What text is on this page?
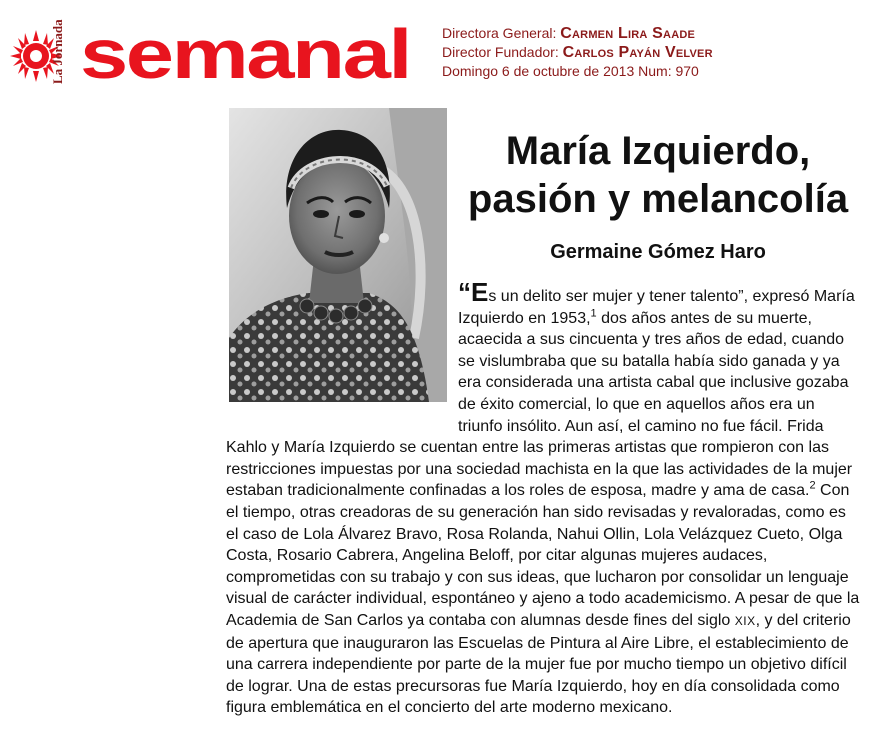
La Jornada semanal Directora General: Carmen Lira Saade
Director Fundador: Carlos Payán Velver
Domingo 6 de octubre de 2013 Num: 970
María Izquierdo,
pasión y melancolía
Germaine Gómez Haro

“Es un delito ser mujer y tener talento”, expresó María Izquierdo en 1953,$^1$ dos años antes de su muerte, acaecida a sus cincuenta y tres años de edad, cuando se vislumbraba que su batalla había sido ganada y ya era considerada una artista cabal que inclusive gozaba de éxito comercial, lo que en aquellos años era un triunfo insólito. Aun así, el camino no fue fácil. Frida Kahlo y María Izquierdo se cuentan entre las primeras artistas que rompieron con las restricciones impuestas por una sociedad machista en la que las actividades de la mujer estaban tradicionalmente confinadas a los roles de esposa, madre y ama de casa.$^2$ Con el tiempo, otras creadoras de su generación han sido revisadas y revaloradas, como es el caso de Lola Álvarez Bravo, Rosa Rolanda, Nahui Ollin, Lola Velázquez Cueto, Olga Costa, Rosario Cabrera, Angelina Beloff, por citar algunas mujeres audaces, comprometidas con su trabajo y con sus ideas, que lucharon por consolidar un lenguaje visual de carácter individual, espontáneo y ajeno a todo academicismo. A pesar de que la Academia de San Carlos ya contaba con alumnas desde fines del siglo XIX, y del criterio de apertura que inauguraron las Escuelas de Pintura al Aire Libre, el establecimiento de una carrera independiente por parte de la mujer fue por mucho tiempo un objetivo difícil de lograr. Una de estas precursoras fue María Izquierdo, hoy en día consolidada como figura emblemática en el concierto del arte moderno mexicano.
